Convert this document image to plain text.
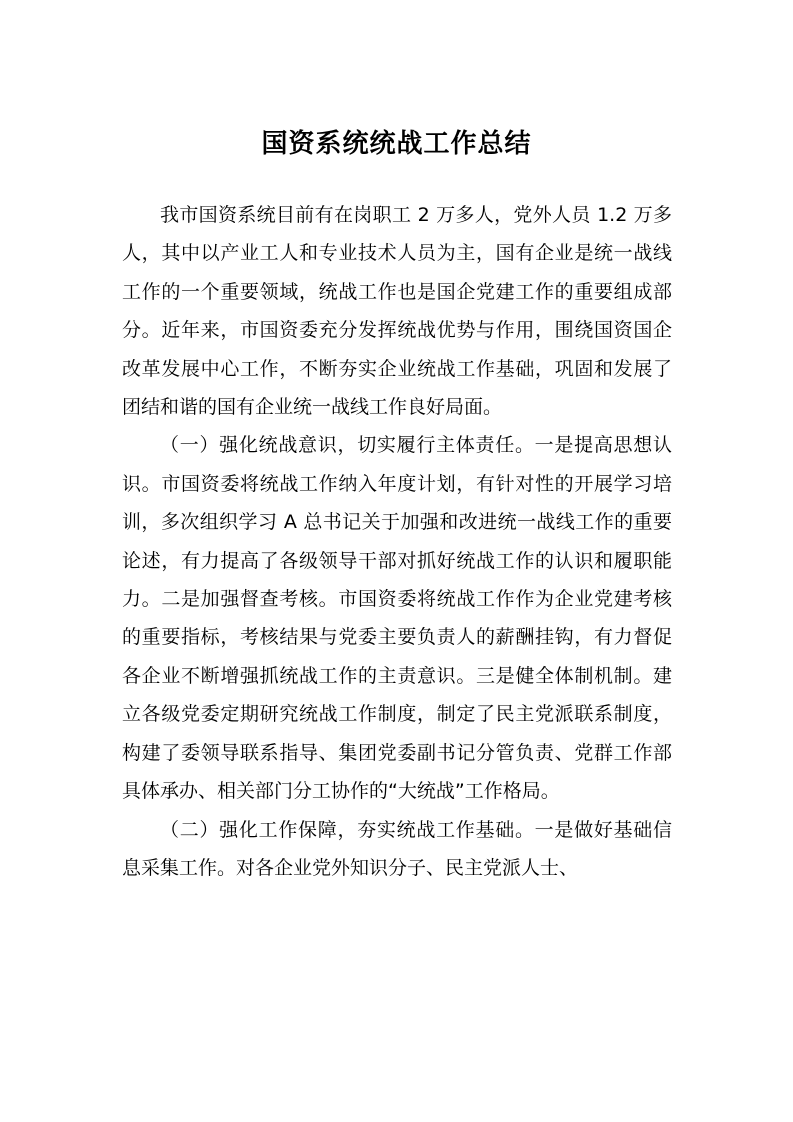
国资系统统战工作总结

我市国资系统目前有在岗职工 2 万多人，党外人员 1.2 万多人，其中以产业工人和专业技术人员为主，国有企业是统一战线工作的一个重要领域，统战工作也是国企党建工作的重要组成部分。近年来，市国资委充分发挥统战优势与作用，围绕国资国企改革发展中心工作，不断夯实企业统战工作基础，巩固和发展了团结和谐的国有企业统一战线工作良好局面。

（一）强化统战意识，切实履行主体责任。一是提高思想认识。市国资委将统战工作纳入年度计划，有针对性的开展学习培训，多次组织学习 A 总书记关于加强和改进统一战线工作的重要论述，有力提高了各级领导干部对抓好统战工作的认识和履职能力。二是加强督查考核。市国资委将统战工作作为企业党建考核的重要指标，考核结果与党委主要负责人的薪酬挂钩，有力督促各企业不断增强抓统战工作的主责意识。三是健全体制机制。建立各级党委定期研究统战工作制度，制定了民主党派联系制度，构建了委领导联系指导、集团党委副书记分管负责、党群工作部具体承办、相关部门分工协作的“大统战”工作格局。

（二）强化工作保障，夯实统战工作基础。一是做好基础信息采集工作。对各企业党外知识分子、民主党派人士、
